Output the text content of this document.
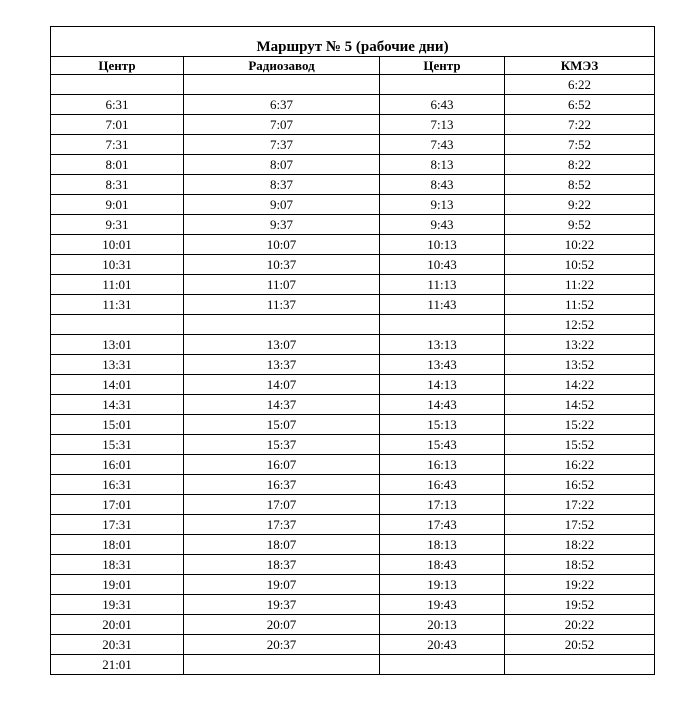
Маршрут № 5 (рабочие дни)			
Центр	Радиозавод	Центр	КМЭЗ
			6:22
6:31	6:37	6:43	6:52
7:01	7:07	7:13	7:22
7:31	7:37	7:43	7:52
8:01	8:07	8:13	8:22
8:31	8:37	8:43	8:52
9:01	9:07	9:13	9:22
9:31	9:37	9:43	9:52
10:01	10:07	10:13	10:22
10:31	10:37	10:43	10:52
11:01	11:07	11:13	11:22
11:31	11:37	11:43	11:52
			12:52
13:01	13:07	13:13	13:22
13:31	13:37	13:43	13:52
14:01	14:07	14:13	14:22
14:31	14:37	14:43	14:52
15:01	15:07	15:13	15:22
15:31	15:37	15:43	15:52
16:01	16:07	16:13	16:22
16:31	16:37	16:43	16:52
17:01	17:07	17:13	17:22
17:31	17:37	17:43	17:52
18:01	18:07	18:13	18:22
18:31	18:37	18:43	18:52
19:01	19:07	19:13	19:22
19:31	19:37	19:43	19:52
20:01	20:07	20:13	20:22
20:31	20:37	20:43	20:52
21:01			
